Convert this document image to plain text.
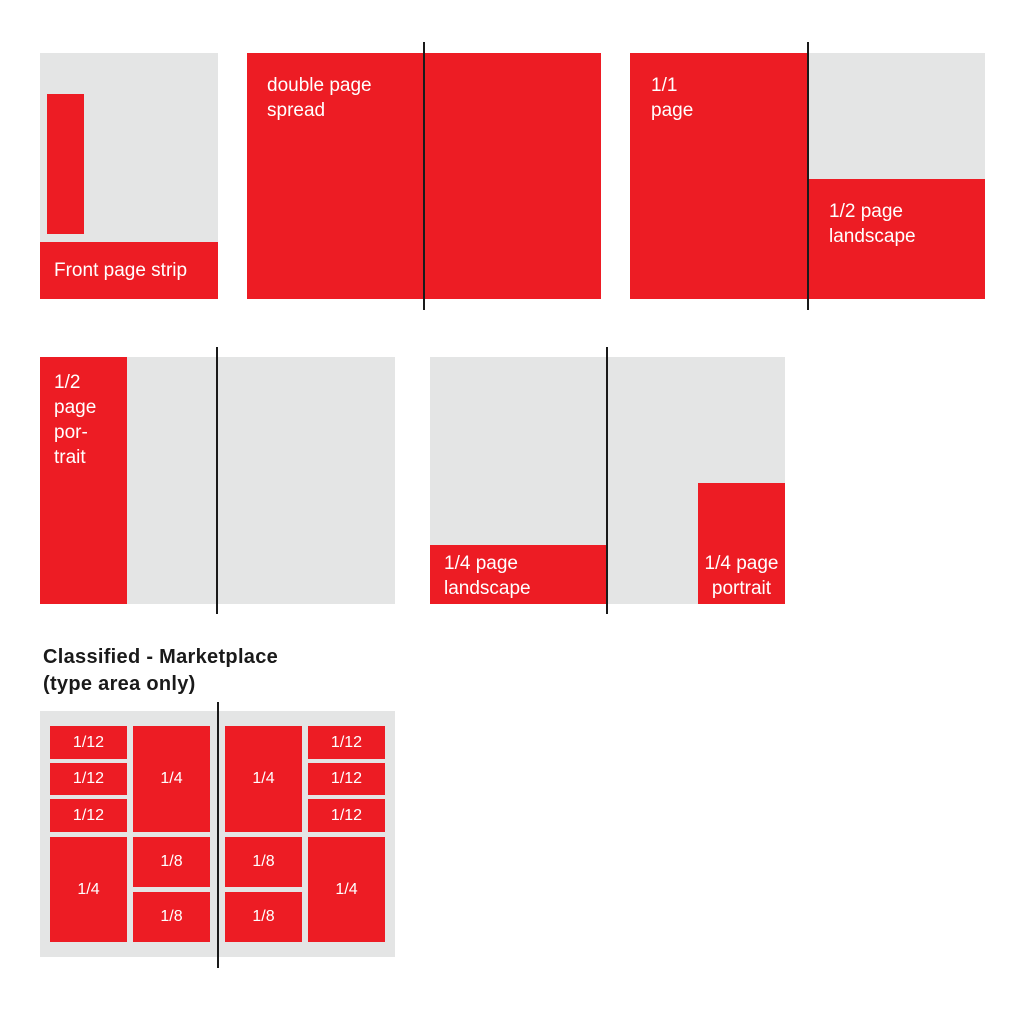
Front page strip
double page
spread
1/1
page
1/2 page
landscape
1/2
page
por-
trait
1/4 page
landscape
1/4 page
portrait
Classified - Marketplace
(type area only)
1/12
1/12
1/12
1/4
1/4
1/8
1/8
1/4
1/8
1/8
1/12
1/12
1/12
1/4
